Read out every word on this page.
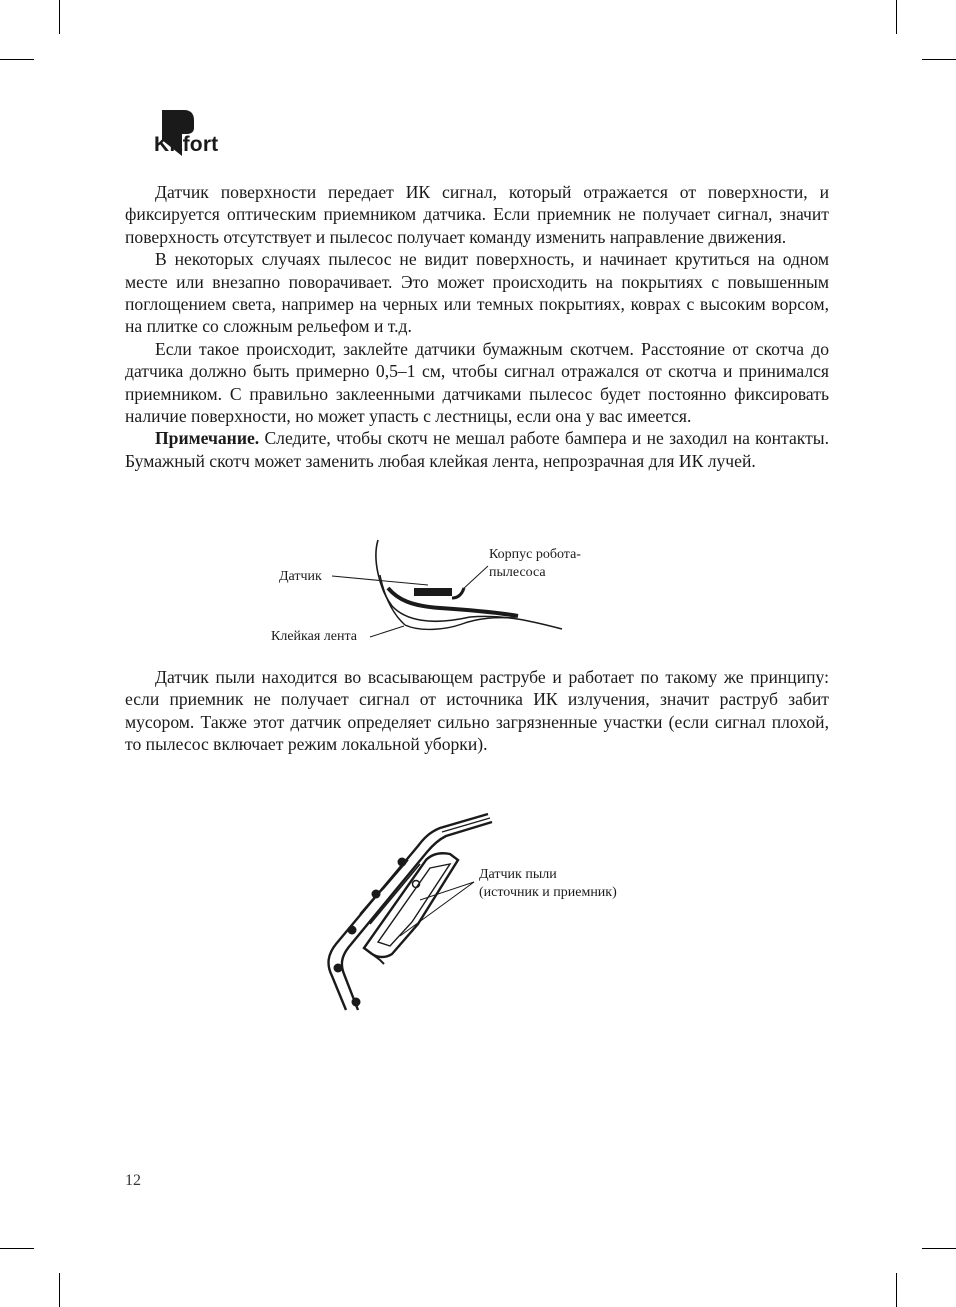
Kitfort

Датчик поверхности передает ИК сигнал, который отражается от поверхности, и фиксируется оптическим приемником датчика. Если приемник не получает сигнал, значит поверхность отсутствует и пылесос получает команду изменить направление движения.

В некоторых случаях пылесос не видит поверхность, и начинает крутиться на одном месте или внезапно поворачивает. Это может происходить на покрытиях с повышенным поглощением света, например на черных или темных покрытиях, коврах с высоким ворсом, на плитке со сложным рельефом и т.д.

Если такое происходит, заклейте датчики бумажным скотчем. Расстояние от скотча до датчика должно быть примерно 0,5–1 см, чтобы сигнал отражался от скотча и принимался приемником. С правильно заклеенными датчиками пылесос будет постоянно фиксировать наличие поверхности, но может упасть с лестницы, если она у вас имеется.

Примечание. Следите, чтобы скотч не мешал работе бампера и не заходил на контакты. Бумажный скотч может заменить любая клейкая лента, непрозрачная для ИК лучей.

Датчик
Корпус робота-
пылесоса
Клейкая лента

Датчик пыли находится во всасывающем раструбе и работает по такому же принципу: если приемник не получает сигнал от источника ИК излучения, значит раструб забит мусором. Также этот датчик определяет сильно загрязненные участки (если сигнал плохой, то пылесос включает режим локальной уборки).

Датчик пыли
(источник и приемник)
12
